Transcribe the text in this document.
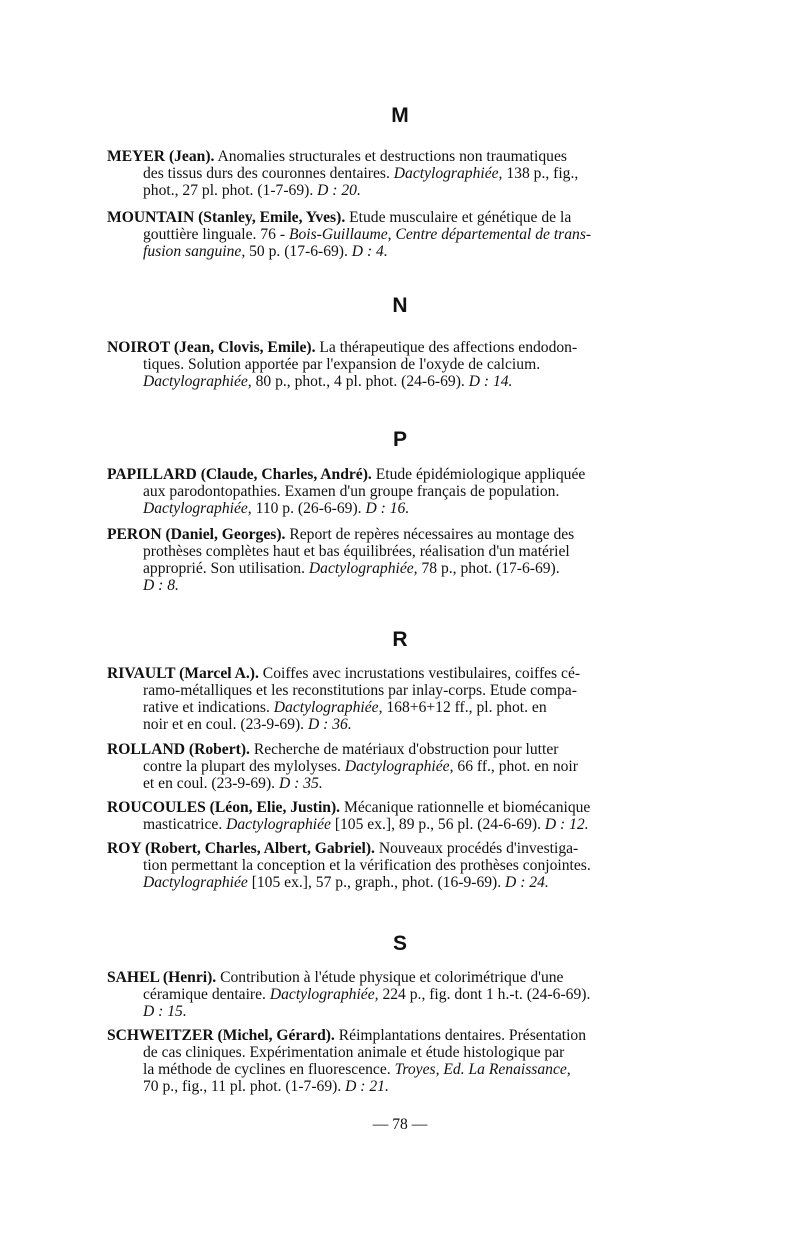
M
MEYER (Jean). Anomalies structurales et destructions non traumatiques
des tissus durs des couronnes dentaires. Dactylographiée, 138 p., fig.,
phot., 27 pl. phot. (1-7-69). D : 20.
MOUNTAIN (Stanley, Emile, Yves). Etude musculaire et génétique de la
gouttière linguale. 76 - Bois-Guillaume, Centre départemental de trans-
fusion sanguine, 50 p. (17-6-69). D : 4.
N
NOIROT (Jean, Clovis, Emile). La thérapeutique des affections endodon-
tiques. Solution apportée par l'expansion de l'oxyde de calcium.
Dactylographiée, 80 p., phot., 4 pl. phot. (24-6-69). D : 14.
P
PAPILLARD (Claude, Charles, André). Etude épidémiologique appliquée
aux parodontopathies. Examen d'un groupe français de population.
Dactylographiée, 110 p. (26-6-69). D : 16.
PERON (Daniel, Georges). Report de repères nécessaires au montage des
prothèses complètes haut et bas équilibrées, réalisation d'un matériel
approprié. Son utilisation. Dactylographiée, 78 p., phot. (17-6-69).
D : 8.
R
RIVAULT (Marcel A.). Coiffes avec incrustations vestibulaires, coiffes cé-
ramo-métalliques et les reconstitutions par inlay-corps. Etude compa-
rative et indications. Dactylographiée, 168+6+12 ff., pl. phot. en
noir et en coul. (23-9-69). D : 36.
ROLLAND (Robert). Recherche de matériaux d'obstruction pour lutter
contre la plupart des mylolyses. Dactylographiée, 66 ff., phot. en noir
et en coul. (23-9-69). D : 35.
ROUCOULES (Léon, Elie, Justin). Mécanique rationnelle et biomécanique
masticatrice. Dactylographiée [105 ex.], 89 p., 56 pl. (24-6-69). D : 12.
ROY (Robert, Charles, Albert, Gabriel). Nouveaux procédés d'investiga-
tion permettant la conception et la vérification des prothèses conjointes.
Dactylographiée [105 ex.], 57 p., graph., phot. (16-9-69). D : 24.
S
SAHEL (Henri). Contribution à l'étude physique et colorimétrique d'une
céramique dentaire. Dactylographiée, 224 p., fig. dont 1 h.-t. (24-6-69).
D : 15.
SCHWEITZER (Michel, Gérard). Réimplantations dentaires. Présentation
de cas cliniques. Expérimentation animale et étude histologique par
la méthode de cyclines en fluorescence. Troyes, Ed. La Renaissance,
70 p., fig., 11 pl. phot. (1-7-69). D : 21.
— 78 —
